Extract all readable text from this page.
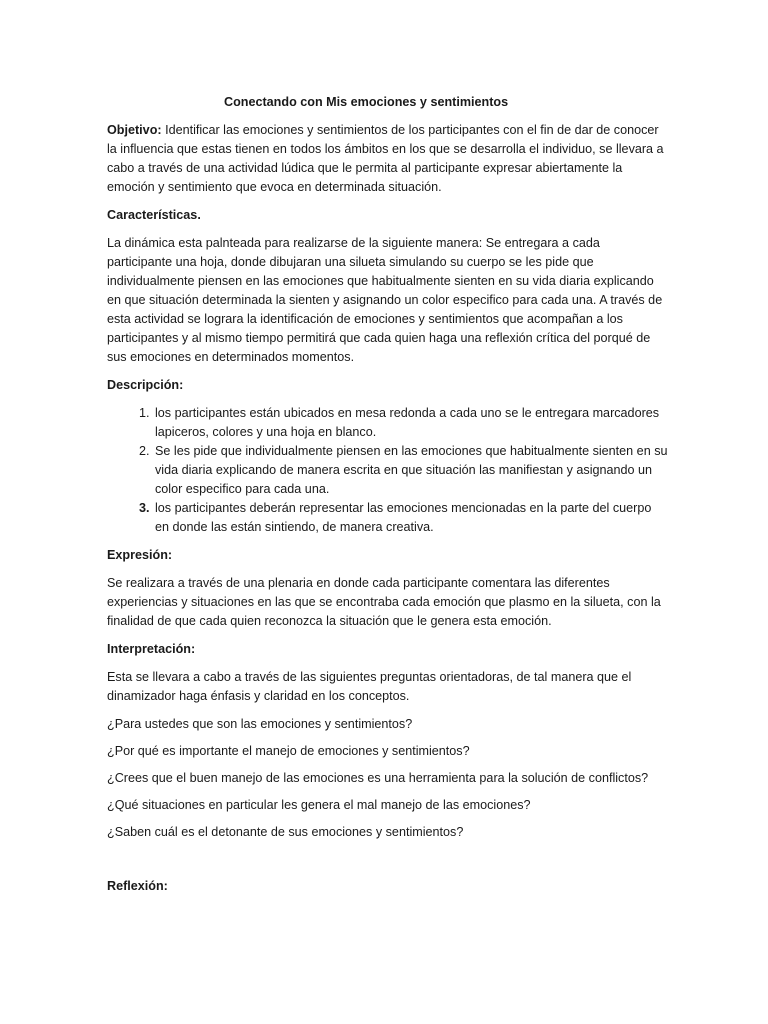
Conectando con Mis emociones y sentimientos

Objetivo: Identificar las emociones y sentimientos de los participantes con el fin de dar de conocer la influencia que estas tienen en todos los ámbitos en los que se desarrolla el individuo, se llevara a cabo a través de una actividad lúdica que le permita al participante expresar abiertamente la emoción y sentimiento que evoca en determinada situación.

Características.

La dinámica esta palnteada para realizarse de la siguiente manera: Se entregara a cada participante una hoja, donde dibujaran una silueta simulando su cuerpo se les pide que individualmente piensen en las emociones que habitualmente sienten en su vida diaria explicando en que situación determinada la sienten y asignando un color especifico para cada una. A través de esta actividad se lograra la identificación de emociones y sentimientos que acompañan a los participantes y al mismo tiempo permitirá que cada quien haga una reflexión crítica del porqué de sus emociones en determinados momentos.

Descripción:
1. los participantes están ubicados en mesa redonda a cada uno se le entregara marcadores lapiceros, colores y una hoja en blanco.
2. Se les pide que individualmente piensen en las emociones que habitualmente sienten en su vida diaria explicando de manera escrita en que situación las manifiestan y asignando un color especifico para cada una.
3. los participantes deberán representar las emociones mencionadas en la parte del cuerpo en donde las están sintiendo, de manera creativa.
Expresión:

Se realizara a través de una plenaria en donde cada participante comentara las diferentes experiencias y situaciones en las que se encontraba cada emoción que plasmo en la silueta, con la finalidad de que cada quien reconozca la situación que le genera esta emoción.

Interpretación:

Esta se llevara a cabo a través de las siguientes preguntas orientadoras, de tal manera que el dinamizador haga énfasis y claridad en los conceptos.

¿Para ustedes que son las emociones y sentimientos?

¿Por qué es importante el manejo de emociones y sentimientos?

¿Crees que el buen manejo de las emociones es una herramienta para la solución de conflictos?

¿Qué situaciones en particular les genera el mal manejo de las emociones?

¿Saben cuál es el detonante de sus emociones y sentimientos?

Reflexión:
